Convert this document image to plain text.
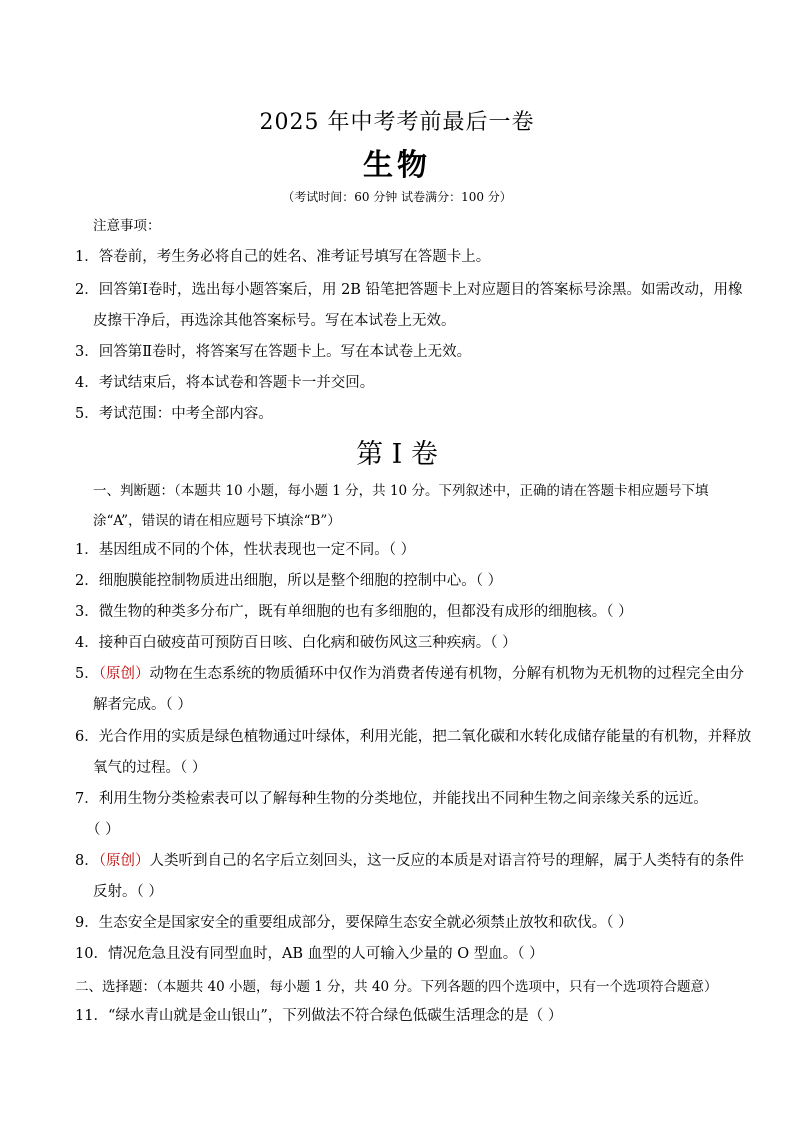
2025 年中考考前最后一卷
生物
（考试时间：60 分钟 试卷满分：100 分）
注意事项：
1．答卷前，考生务必将自己的姓名、准考证号填写在答题卡上。
2．回答第Ⅰ卷时，选出每小题答案后，用 2B 铅笔把答题卡上对应题目的答案标号涂黑。如需改动，用橡
皮擦干净后，再选涂其他答案标号。写在本试卷上无效。
3．回答第Ⅱ卷时，将答案写在答题卡上。写在本试卷上无效。
4．考试结束后，将本试卷和答题卡一并交回。
5．考试范围：中考全部内容。
第 I 卷
一、判断题：（本题共 10 小题，每小题 1 分，共 10 分。下列叙述中，正确的请在答题卡相应题号下填
涂“A”，错误的请在相应题号下填涂“B”）
1．基因组成不同的个体，性状表现也一定不同。（ ）
2．细胞膜能控制物质进出细胞，所以是整个细胞的控制中心。（ ）
3．微生物的种类多分布广，既有单细胞的也有多细胞的，但都没有成形的细胞核。（ ）
4．接种百白破疫苗可预防百日咳、白化病和破伤风这三种疾病。（ ）
5．（原创）动物在生态系统的物质循环中仅作为消费者传递有机物，分解有机物为无机物的过程完全由分
解者完成。（ ）
6．光合作用的实质是绿色植物通过叶绿体，利用光能，把二氧化碳和水转化成储存能量的有机物，并释放
氧气的过程。（ ）
7．利用生物分类检索表可以了解每种生物的分类地位，并能找出不同种生物之间亲缘关系的远近。
（ ）
8．（原创）人类听到自己的名字后立刻回头，这一反应的本质是对语言符号的理解，属于人类特有的条件
反射。（ ）
9．生态安全是国家安全的重要组成部分，要保障生态安全就必须禁止放牧和砍伐。（ ）
10．情况危急且没有同型血时，AB 血型的人可输入少量的 O 型血。（ ）
二、选择题：（本题共 40 小题，每小题 1 分，共 40 分。下列各题的四个选项中，只有一个选项符合题意）
11．“绿水青山就是金山银山”，下列做法不符合绿色低碳生活理念的是（ ）
